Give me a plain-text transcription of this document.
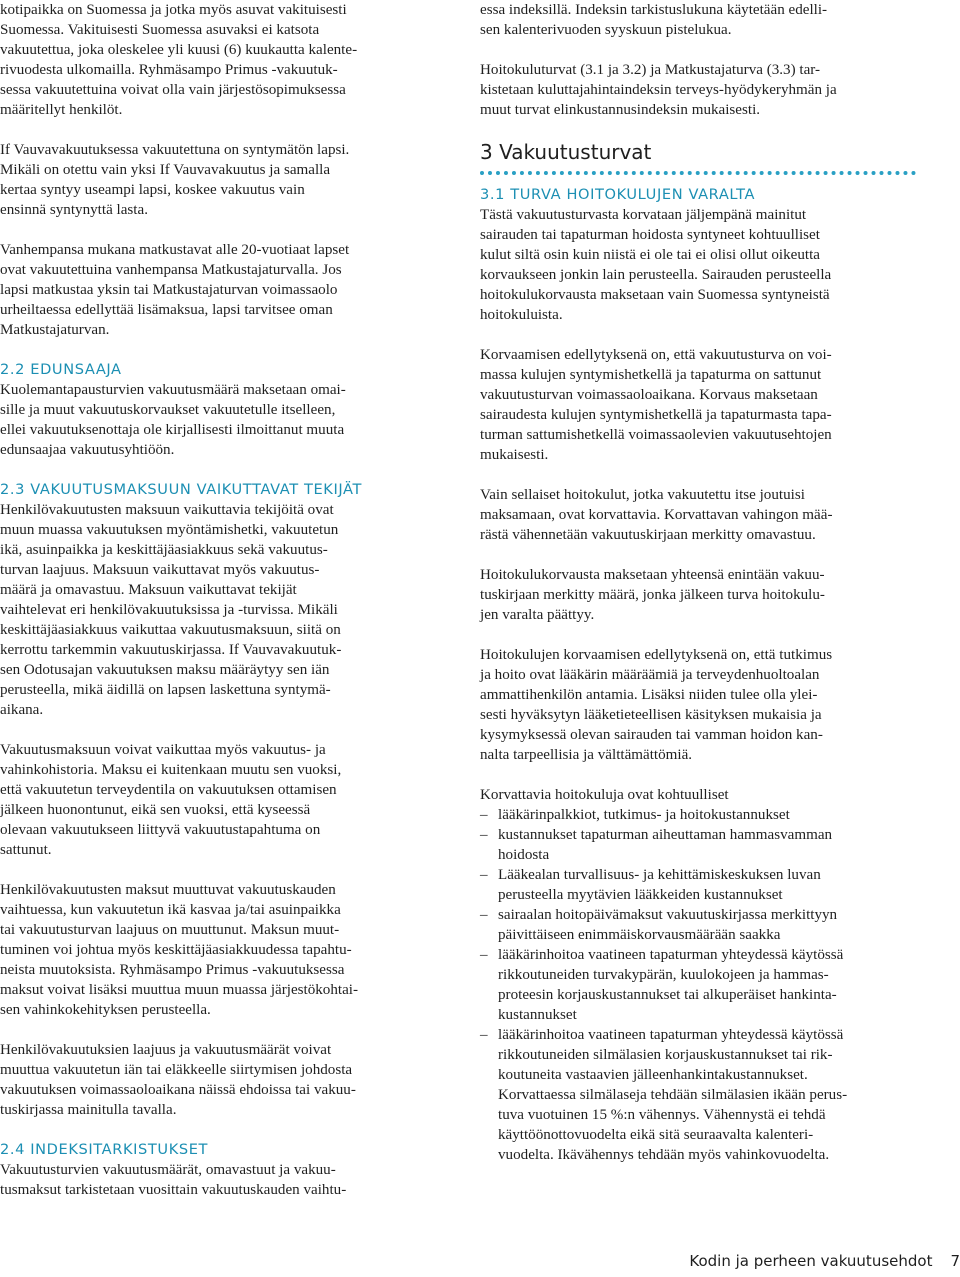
kotipaikka on Suomessa ja jotka myös asuvat vakituisesti
Suomessa. Vakituisesti Suomessa asuvaksi ei katsota
vakuutettua, joka oleskelee yli kuusi (6) kuukautta kalente-
rivuodesta ulkomailla. Ryhmäsampo Primus -vakuutuk-
sessa vakuutettuina voivat olla vain järjestösopimuksessa
määritellyt henkilöt.

If Vauvavakuutuksessa vakuutettuna on syntymätön lapsi.
Mikäli on otettu vain yksi If Vauvavakuutus ja samalla
kertaa syntyy useampi lapsi, koskee vakuutus vain
ensinnä syntynyttä lasta.

Vanhempansa mukana matkustavat alle 20-vuotiaat lapset
ovat vakuutettuina vanhempansa Matkustajaturvalla. Jos
lapsi matkustaa yksin tai Matkustajaturvan voimassaolo
urheiltaessa edellyttää lisämaksua, lapsi tarvitsee oman
Matkustajaturvan.

2.2 EDUNSAAJA

Kuolemantapausturvien vakuutusmäärä maksetaan omai-
sille ja muut vakuutuskorvaukset vakuutetulle itselleen,
ellei vakuutuksenottaja ole kirjallisesti ilmoittanut muuta
edunsaajaa vakuutusyhtiöön.

2.3 VAKUUTUSMAKSUUN VAIKUTTAVAT TEKIJÄT

Henkilövakuutusten maksuun vaikuttavia tekijöitä ovat
muun muassa vakuutuksen myöntämishetki, vakuutetun
ikä, asuinpaikka ja keskittäjäasiakkuus sekä vakuutus-
turvan laajuus. Maksuun vaikuttavat myös vakuutus-
määrä ja omavastuu. Maksuun vaikuttavat tekijät
vaihtelevat eri henkilövakuutuksissa ja -turvissa. Mikäli
keskittäjäasiakkuus vaikuttaa vakuutusmaksuun, siitä on
kerrottu tarkemmin vakuutuskirjassa. If Vauvavakuutuk-
sen Odotusajan vakuutuksen maksu määräytyy sen iän
perusteella, mikä äidillä on lapsen laskettuna syntymä-
aikana.

Vakuutusmaksuun voivat vaikuttaa myös vakuutus- ja
vahinkohistoria. Maksu ei kuitenkaan muutu sen vuoksi,
että vakuutetun terveydentila on vakuutuksen ottamisen
jälkeen huonontunut, eikä sen vuoksi, että kyseessä
olevaan vakuutukseen liittyvä vakuutustapahtuma on
sattunut.

Henkilövakuutusten maksut muuttuvat vakuutuskauden
vaihtuessa, kun vakuutetun ikä kasvaa ja/tai asuinpaikka
tai vakuutusturvan laajuus on muuttunut. Maksun muut-
tuminen voi johtua myös keskittäjäasiakkuudessa tapahtu-
neista muutoksista. Ryhmäsampo Primus -vakuutuksessa
maksut voivat lisäksi muuttua muun muassa järjestökohtai-
sen vahinkokehityksen perusteella.

Henkilövakuutuksien laajuus ja vakuutusmäärät voivat
muuttua vakuutetun iän tai eläkkeelle siirtymisen johdosta
vakuutuksen voimassaoloaikana näissä ehdoissa tai vakuu-
tuskirjassa mainitulla tavalla.

2.4 INDEKSITARKISTUKSET

Vakuutusturvien vakuutusmäärät, omavastuut ja vakuu-
tusmaksut tarkistetaan vuosittain vakuutuskauden vaihtu-

essa indeksillä. Indeksin tarkistuslukuna käytetään edelli-
sen kalenterivuoden syyskuun pistelukua.

Hoitokuluturvat (3.1 ja 3.2) ja Matkustajaturva (3.3) tar-
kistetaan kuluttajahintaindeksin terveys-hyödykeryhmän ja
muut turvat elinkustannusindeksin mukaisesti.

3 Vakuutusturvat
3.1 TURVA HOITOKULUJEN VARALTA

Tästä vakuutusturvasta korvataan jäljempänä mainitut
sairauden tai tapaturman hoidosta syntyneet kohtuulliset
kulut siltä osin kuin niistä ei ole tai ei olisi ollut oikeutta
korvaukseen jonkin lain perusteella. Sairauden perusteella
hoitokulukorvausta maksetaan vain Suomessa syntyneistä
hoitokuluista.

Korvaamisen edellytyksenä on, että vakuutusturva on voi-
massa kulujen syntymishetkellä ja tapaturma on sattunut
vakuutusturvan voimassaoloaikana. Korvaus maksetaan
sairaudesta kulujen syntymishetkellä ja tapaturmasta tapa-
turman sattumishetkellä voimassaolevien vakuutusehtojen
mukaisesti.

Vain sellaiset hoitokulut, jotka vakuutettu itse joutuisi
maksamaan, ovat korvattavia. Korvattavan vahingon mää-
rästä vähennetään vakuutuskirjaan merkitty omavastuu.

Hoitokulukorvausta maksetaan yhteensä enintään vakuu-
tuskirjaan merkitty määrä, jonka jälkeen turva hoitokulu-
jen varalta päättyy.

Hoitokulujen korvaamisen edellytyksenä on, että tutkimus
ja hoito ovat lääkärin määräämiä ja terveydenhuoltoalan
ammattihenkilön antamia. Lisäksi niiden tulee olla ylei-
sesti hyväksytyn lääketieteellisen käsityksen mukaisia ja
kysymyksessä olevan sairauden tai vamman hoidon kan-
nalta tarpeellisia ja välttämättömiä.

Korvattavia hoitokuluja ovat kohtuulliset

– lääkärinpalkkiot, tutkimus- ja hoitokustannukset
– kustannukset tapaturman aiheuttaman hammasvamman
hoidosta
– Lääkealan turvallisuus- ja kehittämiskeskuksen luvan
perusteella myytävien lääkkeiden kustannukset
– sairaalan hoitopäivämaksut vakuutuskirjassa merkittyyn
päivittäiseen enimmäiskorvausmäärään saakka
– lääkärinhoitoa vaatineen tapaturman yhteydessä käytössä
rikkoutuneiden turvakypärän, kuulokojeen ja hammas-
proteesin korjauskustannukset tai alkuperäiset hankinta-
kustannukset
– lääkärinhoitoa vaatineen tapaturman yhteydessä käytössä
rikkoutuneiden silmälasien korjauskustannukset tai rik-
koutuneita vastaavien jälleenhankintakustannukset.
Korvattaessa silmälaseja tehdään silmälasien ikään perus-
tuva vuotuinen 15 %:n vähennys. Vähennystä ei tehdä
käyttöönottovuodelta eikä sitä seuraavalta kalenteri-
vuodelta. Ikävähennys tehdään myös vahinkovuodelta.
Kodin ja perheen vakuutusehdot 7
